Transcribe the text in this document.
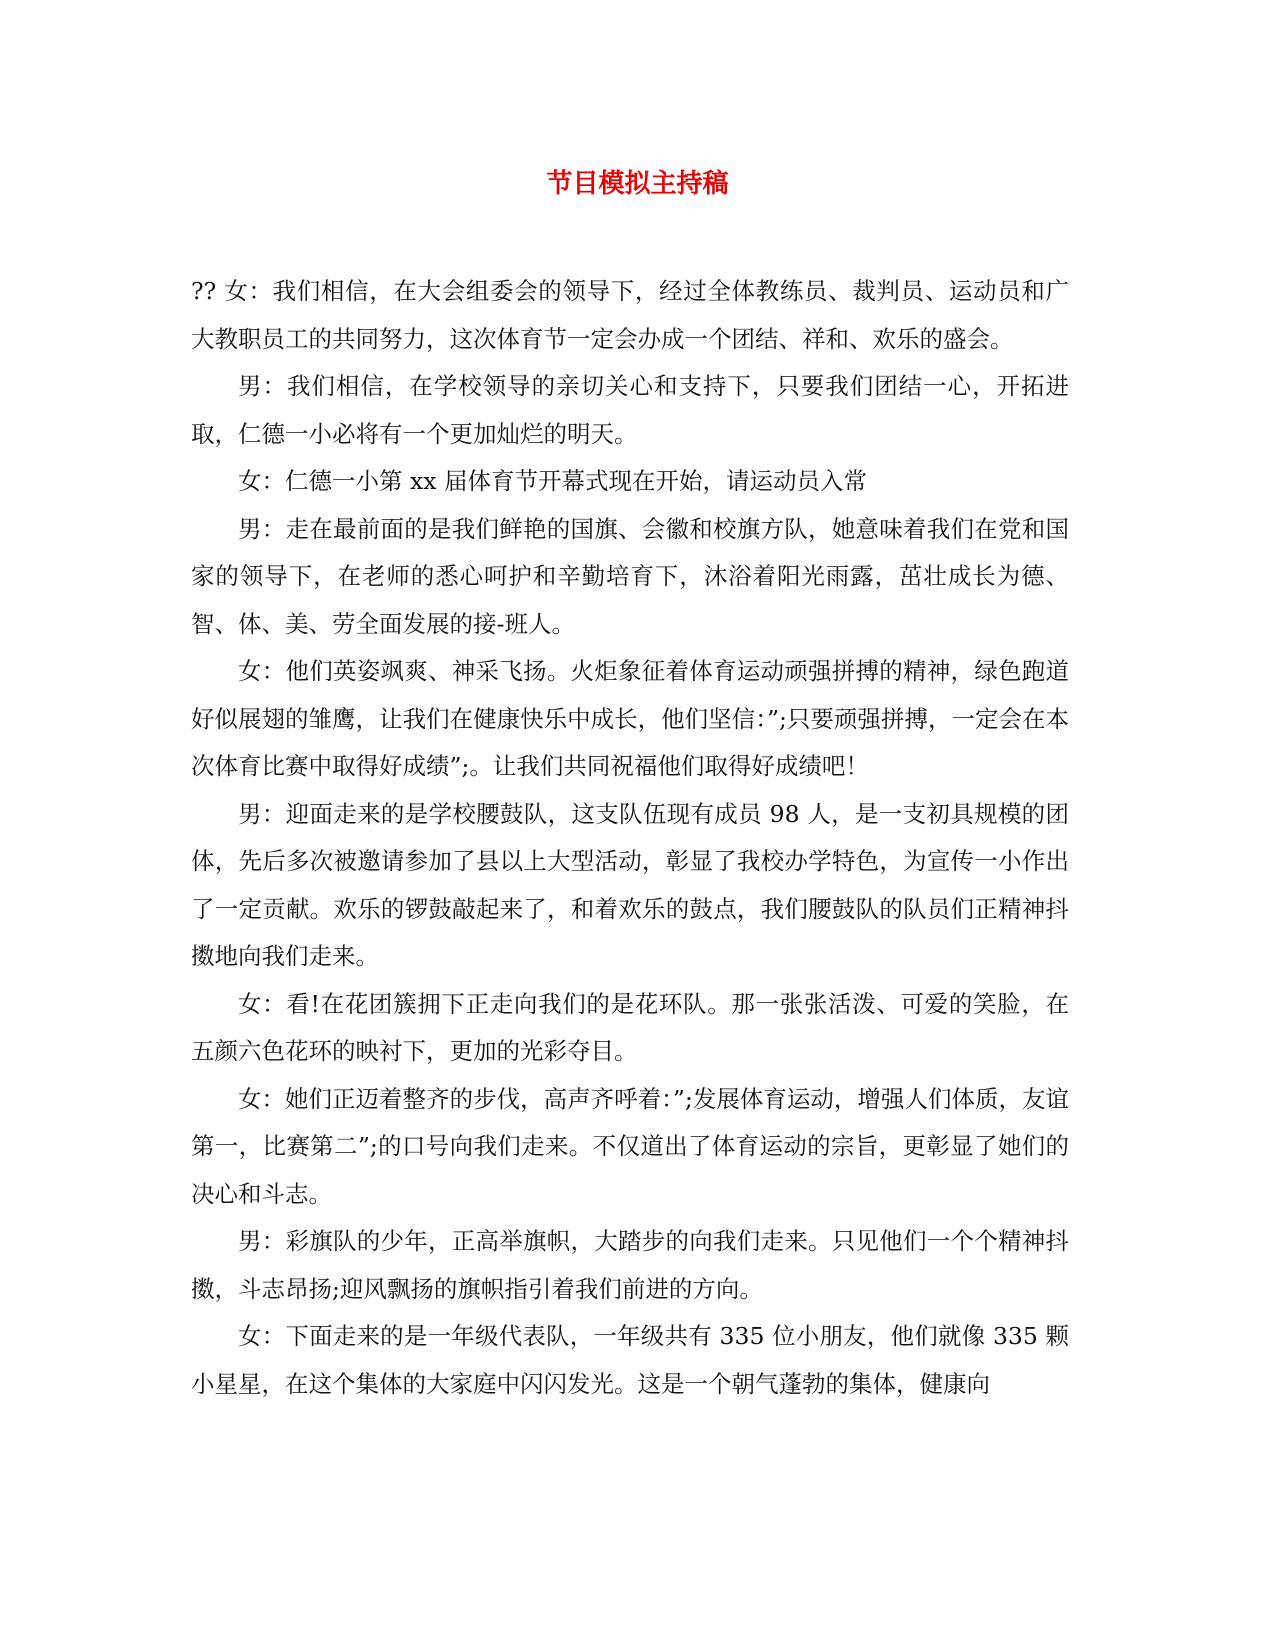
节目模拟主持稿

?? 女：我们相信，在大会组委会的领导下，经过全体教练员、裁判员、运动员和广大教职员工的共同努力，这次体育节一定会办成一个团结、祥和、欢乐的盛会。

男：我们相信，在学校领导的亲切关心和支持下，只要我们团结一心，开拓进取，仁德一小必将有一个更加灿烂的明天。

女：仁德一小第 xx 届体育节开幕式现在开始，请运动员入常

男：走在最前面的是我们鲜艳的国旗、会徽和校旗方队，她意味着我们在党和国家的领导下，在老师的悉心呵护和辛勤培育下，沐浴着阳光雨露，茁壮成长为德、智、体、美、劳全面发展的接-班人。

女：他们英姿飒爽、神采飞扬。火炬象征着体育运动顽强拼搏的精神，绿色跑道好似展翅的雏鹰，让我们在健康快乐中成长，他们坚信：”;只要顽强拼搏，一定会在本次体育比赛中取得好成绩”;。让我们共同祝福他们取得好成绩吧！

男：迎面走来的是学校腰鼓队，这支队伍现有成员 98 人，是一支初具规模的团体，先后多次被邀请参加了县以上大型活动，彰显了我校办学特色，为宣传一小作出了一定贡献。欢乐的锣鼓敲起来了，和着欢乐的鼓点，我们腰鼓队的队员们正精神抖擞地向我们走来。

女：看!在花团簇拥下正走向我们的是花环队。那一张张活泼、可爱的笑脸，在五颜六色花环的映衬下，更加的光彩夺目。

女：她们正迈着整齐的步伐，高声齐呼着：”;发展体育运动，增强人们体质，友谊第一，比赛第二”;的口号向我们走来。不仅道出了体育运动的宗旨，更彰显了她们的决心和斗志。

男：彩旗队的少年，正高举旗帜，大踏步的向我们走来。只见他们一个个精神抖擞，斗志昂扬;迎风飘扬的旗帜指引着我们前进的方向。

女：下面走来的是一年级代表队，一年级共有 335 位小朋友，他们就像 335 颗小星星，在这个集体的大家庭中闪闪发光。这是一个朝气蓬勃的集体，健康向
